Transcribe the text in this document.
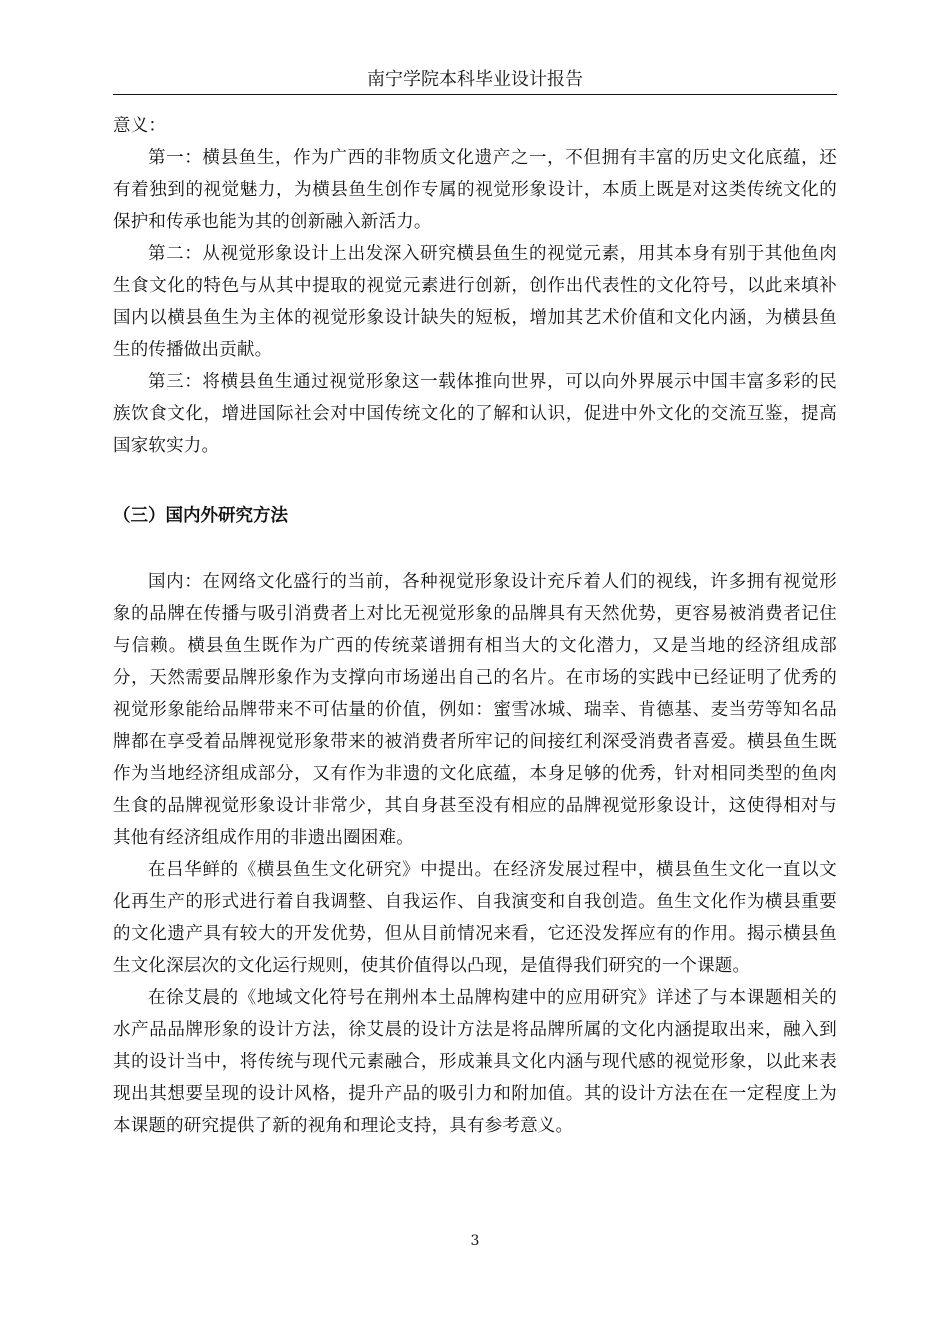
南宁学院本科毕业设计报告

意义：

第一：横县鱼生，作为广西的非物质文化遗产之一，不但拥有丰富的历史文化底蕴，还有着独到的视觉魅力，为横县鱼生创作专属的视觉形象设计，本质上既是对这类传统文化的保护和传承也能为其的创新融入新活力。

第二：从视觉形象设计上出发深入研究横县鱼生的视觉元素，用其本身有别于其他鱼肉生食文化的特色与从其中提取的视觉元素进行创新，创作出代表性的文化符号，以此来填补国内以横县鱼生为主体的视觉形象设计缺失的短板，增加其艺术价值和文化内涵，为横县鱼生的传播做出贡献。

第三：将横县鱼生通过视觉形象这一载体推向世界，可以向外界展示中国丰富多彩的民族饮食文化，增进国际社会对中国传统文化的了解和认识，促进中外文化的交流互鉴，提高国家软实力。

（三）国内外研究方法

国内：在网络文化盛行的当前，各种视觉形象设计充斥着人们的视线，许多拥有视觉形象的品牌在传播与吸引消费者上对比无视觉形象的品牌具有天然优势，更容易被消费者记住与信赖。横县鱼生既作为广西的传统菜谱拥有相当大的文化潜力，又是当地的经济组成部分，天然需要品牌形象作为支撑向市场递出自己的名片。在市场的实践中已经证明了优秀的视觉形象能给品牌带来不可估量的价值，例如：蜜雪冰城、瑞幸、肯德基、麦当劳等知名品牌都在享受着品牌视觉形象带来的被消费者所牢记的间接红利深受消费者喜爱。横县鱼生既作为当地经济组成部分，又有作为非遗的文化底蕴，本身足够的优秀，针对相同类型的鱼肉生食的品牌视觉形象设计非常少，其自身甚至没有相应的品牌视觉形象设计，这使得相对与其他有经济组成作用的非遗出圈困难。

在吕华鲜的《横县鱼生文化研究》中提出。在经济发展过程中，横县鱼生文化一直以文化再生产的形式进行着自我调整、自我运作、自我演变和自我创造。鱼生文化作为横县重要的文化遗产具有较大的开发优势，但从目前情况来看，它还没发挥应有的作用。揭示横县鱼生文化深层次的文化运行规则，使其价值得以凸现，是值得我们研究的一个课题。

在徐艾晨的《地域文化符号在荆州本土品牌构建中的应用研究》详述了与本课题相关的水产品品牌形象的设计方法，徐艾晨的设计方法是将品牌所属的文化内涵提取出来，融入到其的设计当中，将传统与现代元素融合，形成兼具文化内涵与现代感的视觉形象，以此来表现出其想要呈现的设计风格，提升产品的吸引力和附加值。其的设计方法在在一定程度上为本课题的研究提供了新的视角和理论支持，具有参考意义。

3
